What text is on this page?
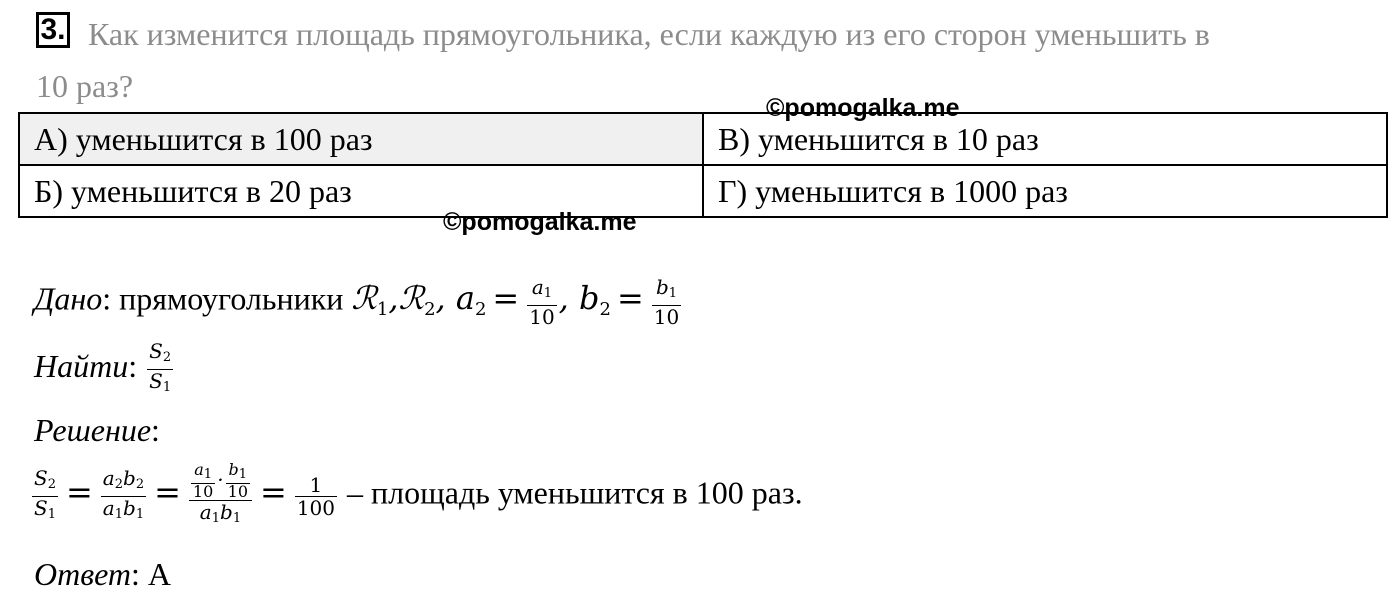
3. Как изменится площадь прямоугольника, если каждую из его сторон уменьшить в
10 раз?
©pomogalka.me
А) уменьшится в 100 раз	В) уменьшится в 10 раз
Б) уменьшится в 20 раз	Г) уменьшится в 1000 раз
©pomogalka.me
Дано: прямоугольники ℛ$_1$,ℛ$_2$, $a_2 = \frac{a1}{10}$ , $b_2 = \frac{b1}{10}$
Найти: $\frac{S2}{S1}$
Решение:
$\frac{S2}{S1} = \frac{a2b2}{a1b1} = \frac{\frac{a1}{10} \cdot \frac{b1}{10}}{a1b1} = \frac{1}{100}$ – площадь уменьшится в 100 раз.
Ответ: А
